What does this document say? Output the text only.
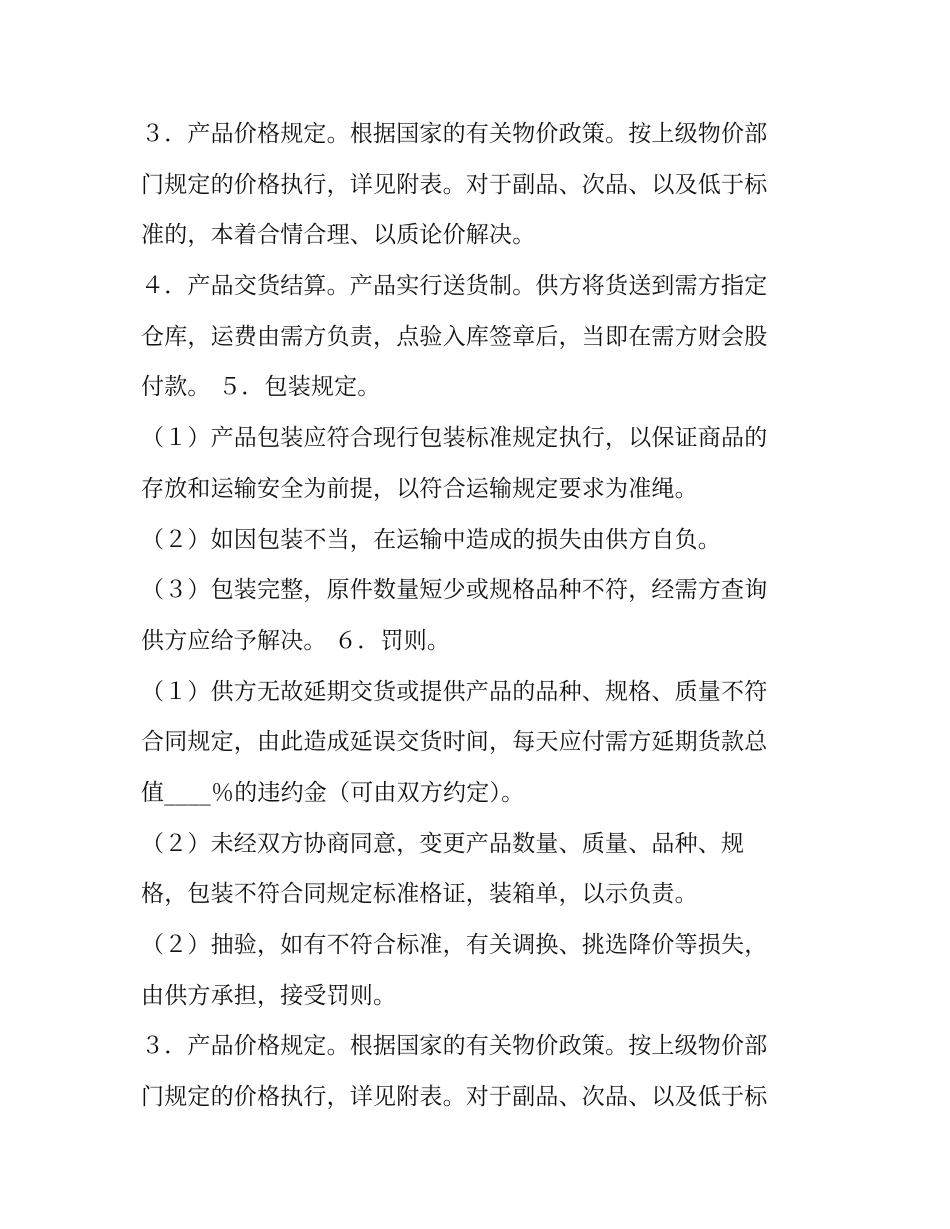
３．产品价格规定。根据国家的有关物价政策。按上级物价部
门规定的价格执行，详见附表。对于副品、次品、以及低于标
准的，本着合情合理、以质论价解决。
４．产品交货结算。产品实行送货制。供方将货送到需方指定
仓库，运费由需方负责，点验入库签章后，当即在需方财会股
付款。 ５．包装规定。
（１）产品包装应符合现行包装标准规定执行，以保证商品的
存放和运输安全为前提，以符合运输规定要求为准绳。
（２）如因包装不当，在运输中造成的损失由供方自负。
（３）包装完整，原件数量短少或规格品种不符，经需方查询
供方应给予解决。 ６．罚则。
（１）供方无故延期交货或提供产品的品种、规格、质量不符
合同规定，由此造成延误交货时间，每天应付需方延期货款总
值____％的违约金（可由双方约定）。
（２）未经双方协商同意，变更产品数量、质量、品种、规
格，包装不符合同规定标准格证，装箱单，以示负责。
（２）抽验，如有不符合标准，有关调换、挑选降价等损失，
由供方承担，接受罚则。
３．产品价格规定。根据国家的有关物价政策。按上级物价部
门规定的价格执行，详见附表。对于副品、次品、以及低于标
